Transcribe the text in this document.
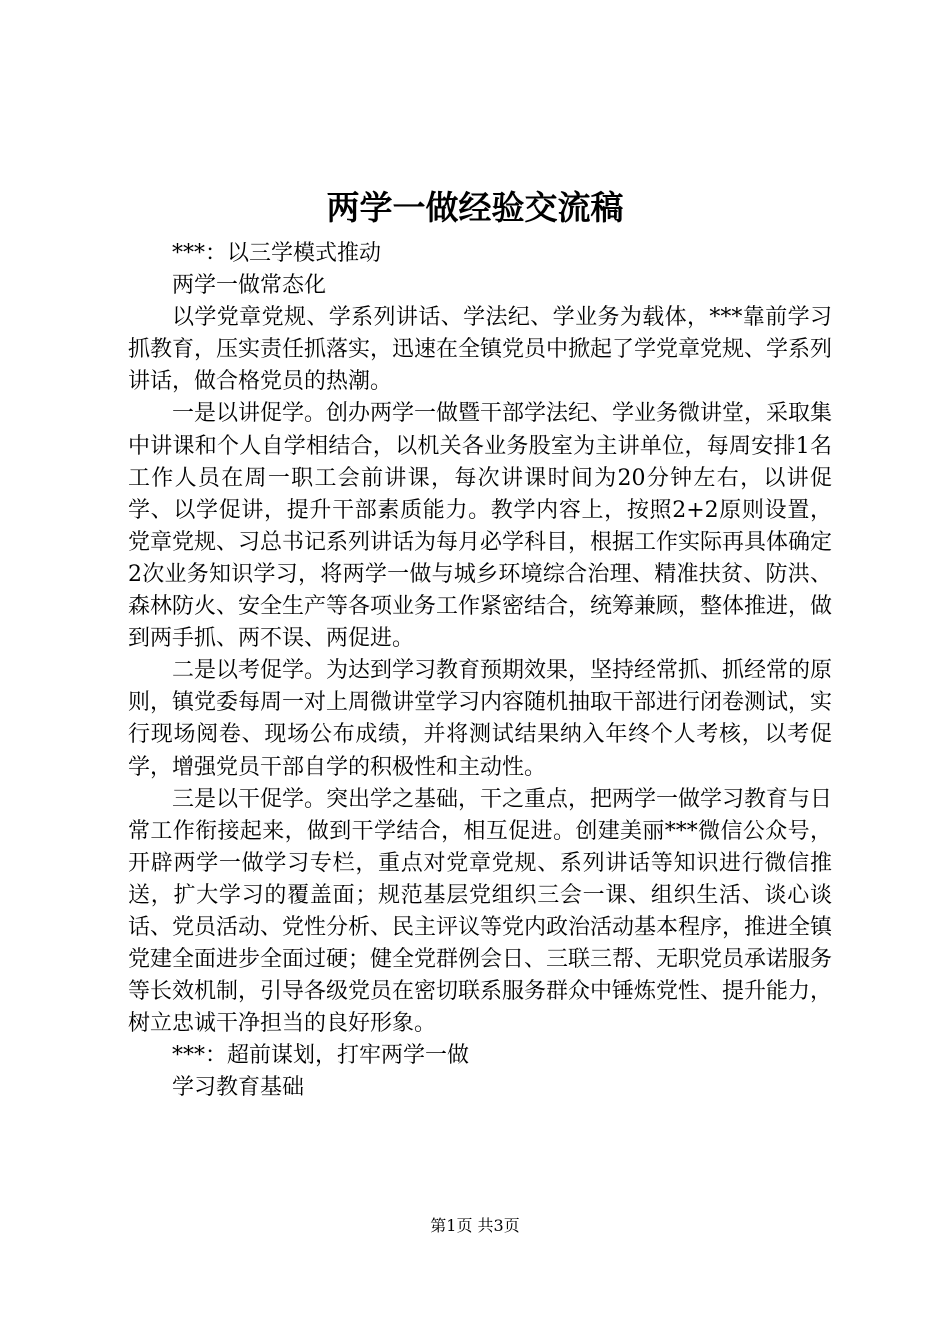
两学一做经验交流稿

***：以三学模式推动

两学一做常态化

以学党章党规、学系列讲话、学法纪、学业务为载体，***靠前学习抓教育，压实责任抓落实，迅速在全镇党员中掀起了学党章党规、学系列讲话，做合格党员的热潮。

一是以讲促学。创办两学一做暨干部学法纪、学业务微讲堂，采取集中讲课和个人自学相结合，以机关各业务股室为主讲单位，每周安排1名工作人员在周一职工会前讲课，每次讲课时间为20分钟左右，以讲促学、以学促讲，提升干部素质能力。教学内容上，按照2+2原则设置，党章党规、习总书记系列讲话为每月必学科目，根据工作实际再具体确定2次业务知识学习，将两学一做与城乡环境综合治理、精准扶贫、防洪、森林防火、安全生产等各项业务工作紧密结合，统筹兼顾，整体推进，做到两手抓、两不误、两促进。

二是以考促学。为达到学习教育预期效果，坚持经常抓、抓经常的原则，镇党委每周一对上周微讲堂学习内容随机抽取干部进行闭卷测试，实行现场阅卷、现场公布成绩，并将测试结果纳入年终个人考核，以考促学，增强党员干部自学的积极性和主动性。

三是以干促学。突出学之基础，干之重点，把两学一做学习教育与日常工作衔接起来，做到干学结合，相互促进。创建美丽***微信公众号，开辟两学一做学习专栏，重点对党章党规、系列讲话等知识进行微信推送，扩大学习的覆盖面；规范基层党组织三会一课、组织生活、谈心谈话、党员活动、党性分析、民主评议等党内政治活动基本程序，推进全镇党建全面进步全面过硬；健全党群例会日、三联三帮、无职党员承诺服务等长效机制，引导各级党员在密切联系服务群众中锤炼党性、提升能力，树立忠诚干净担当的良好形象。

***：超前谋划，打牢两学一做

学习教育基础

第1页 共3页
